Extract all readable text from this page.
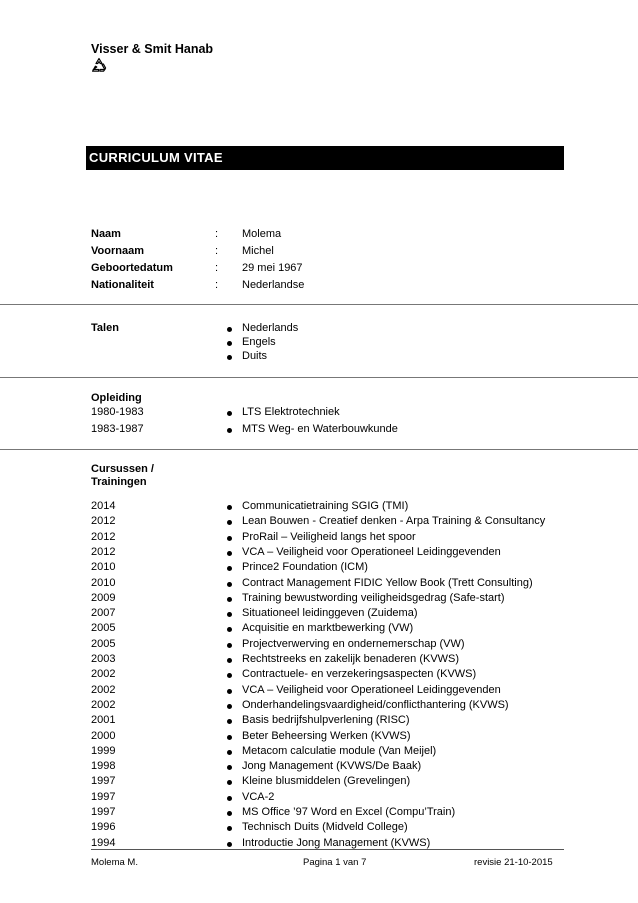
Visser & Smit Hanab
CURRICULUM VITAE
Naam	: Molema
Voornaam	: Michel
Geboortedatum	: 29 mei 1967
Nationaliteit	: Nederlandse
Talen	Nederlands
Engels
Duits
Opleiding
1980-1983	LTS Elektrotechniek
1983-1987	MTS Weg- en Waterbouwkunde
Cursussen /
Trainingen
2014	Communicatietraining SGIG (TMI)
2012	Lean Bouwen - Creatief denken - Arpa Training & Consultancy
2012	ProRail – Veiligheid langs het spoor
2012	VCA – Veiligheid voor Operationeel Leidinggevenden
2010	Prince2 Foundation (ICM)
2010	Contract Management FIDIC Yellow Book (Trett Consulting)
2009	Training bewustwording veiligheidsgedrag (Safe-start)
2007	Situationeel leidinggeven (Zuidema)
2005	Acquisitie en marktbewerking (VW)
2005	Projectverwerving en ondernemerschap (VW)
2003	Rechtstreeks en zakelijk benaderen (KVWS)
2002	Contractuele- en verzekeringsaspecten (KVWS)
2002	VCA – Veiligheid voor Operationeel Leidinggevenden
2002	Onderhandelingsvaardigheid/conflicthantering (KVWS)
2001	Basis bedrijfshulpverlening (RISC)
2000	Beter Beheersing Werken (KVWS)
1999	Metacom calculatie module (Van Meijel)
1998	Jong Management (KVWS/De Baak)
1997	Kleine blusmiddelen (Grevelingen)
1997	VCA-2
1997	MS Office ’97 Word en Excel (Compu’Train)
1996	Technisch Duits (Midveld College)
1994	Introductie Jong Management (KVWS)
Molema M.	Pagina 1 van 7	revisie 21-10-2015
